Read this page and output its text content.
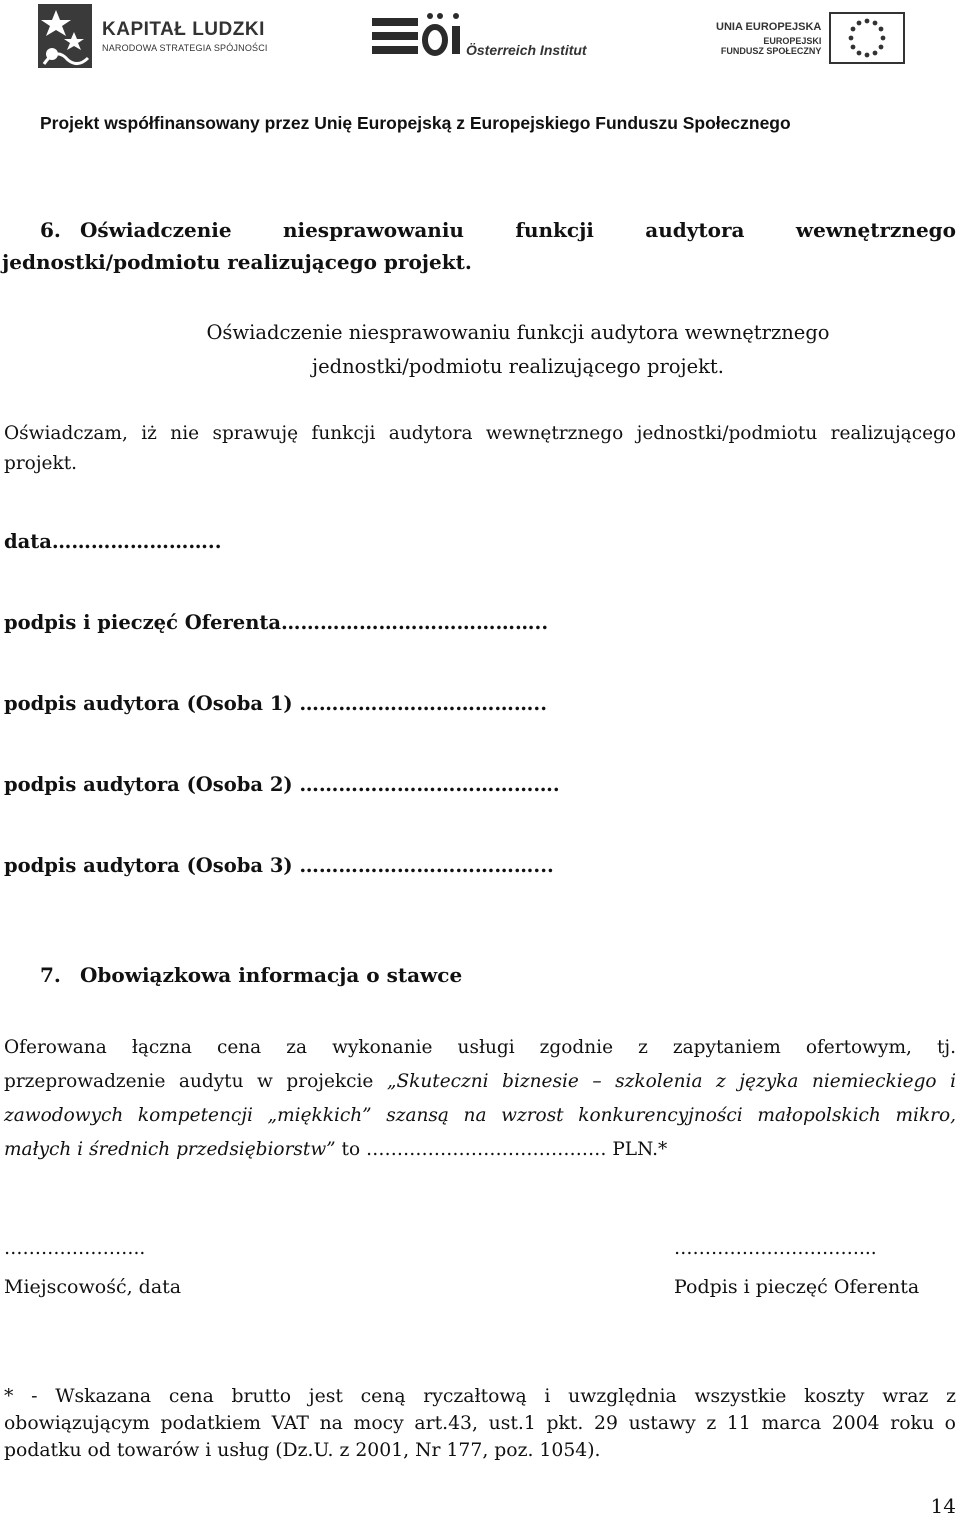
KAPITAŁ LUDZKI
NARODOWA STRATEGIA SPÓJNOŚCI	Österreich Institut
UNIA EUROPEJSKA
EUROPEJSKI
FUNDUSZ SPOŁECZNY
Projekt współfinansowany przez Unię Europejską z Europejskiego Funduszu Społecznego
6. Oświadczenie niesprawowaniu funkcji audytora wewnętrznego
jednostki/podmiotu realizującego projekt.
Oświadczenie niesprawowaniu funkcji audytora wewnętrznego
jednostki/podmiotu realizującego projekt.
Oświadczam, iż nie sprawuję funkcji audytora wewnętrznego jednostki/podmiotu realizującego
projekt.
data……………………..
podpis i pieczęć Oferenta…………………………………..
podpis audytora (Osoba 1) ………………………………..
podpis audytora (Osoba 2) ………………………………….
podpis audytora (Osoba 3) ………………………………...
7. Obowiązkowa informacja o stawce
Oferowana łączna cena za wykonanie usługi zgodnie z zapytaniem ofertowym, tj.
przeprowadzenie audytu w projekcie „Skuteczni biznesie – szkolenia z języka niemieckiego i
zawodowych kompetencji „miękkich” szansą na wzrost konkurencyjności małopolskich mikro,
małych i średnich przedsiębiorstw” to ………………………………… PLN.*
…………………..	…………………………...
Miejscowość, data	Podpis i pieczęć Oferenta
* - Wskazana cena brutto jest ceną ryczałtową i uwzględnia wszystkie koszty wraz z
obowiązującym podatkiem VAT na mocy art.43, ust.1 pkt. 29 ustawy z 11 marca 2004 roku o
podatku od towarów i usług (Dz.U. z 2001, Nr 177, poz. 1054).
14
